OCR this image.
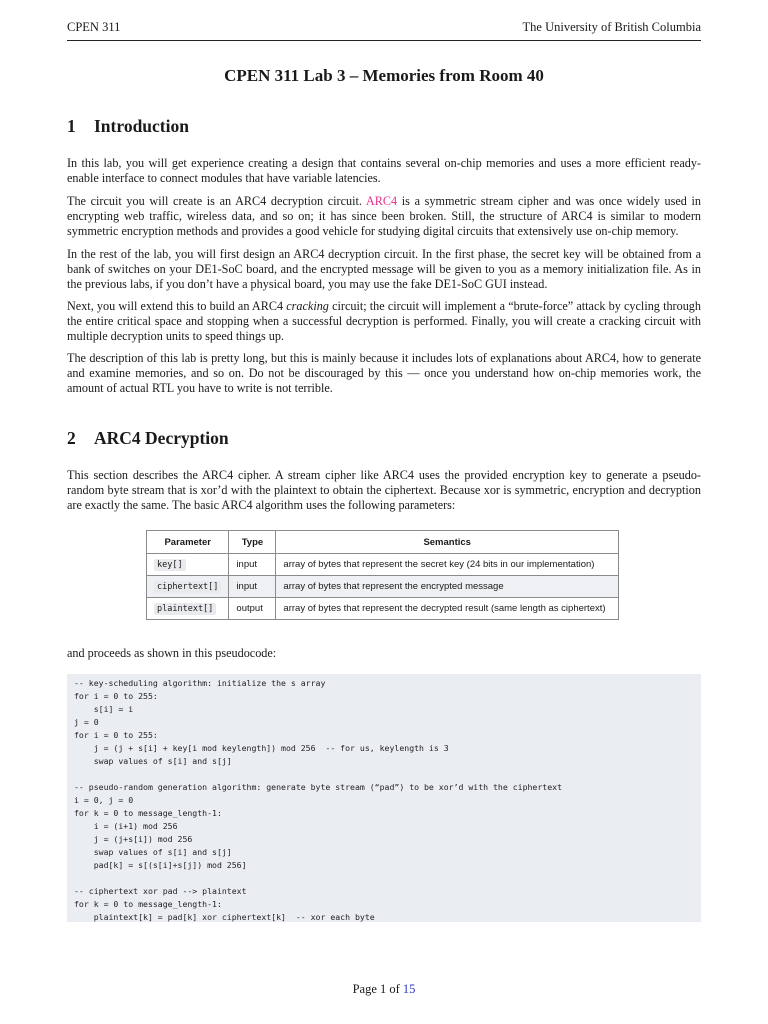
CPEN 311	The University of British Columbia
CPEN 311 Lab 3 – Memories from Room 40
1 Introduction

In this lab, you will get experience creating a design that contains several on-chip memories and uses a more efficient ready-enable interface to connect modules that have variable latencies.

The circuit you will create is an ARC4 decryption circuit. ARC4 is a symmetric stream cipher and was once widely used in encrypting web traffic, wireless data, and so on; it has since been broken. Still, the structure of ARC4 is similar to modern symmetric encryption methods and provides a good vehicle for studying digital circuits that extensively use on-chip memory.

In the rest of the lab, you will first design an ARC4 decryption circuit. In the first phase, the secret key will be obtained from a bank of switches on your DE1-SoC board, and the encrypted message will be given to you as a memory initialization file. As in the previous labs, if you don’t have a physical board, you may use the fake DE1-SoC GUI instead.

Next, you will extend this to build an ARC4 cracking circuit; the circuit will implement a “brute-force” attack by cycling through the entire critical space and stopping when a successful decryption is performed. Finally, you will create a cracking circuit with multiple decryption units to speed things up.

The description of this lab is pretty long, but this is mainly because it includes lots of explanations about ARC4, how to generate and examine memories, and so on. Do not be discouraged by this — once you understand how on-chip memories work, the amount of actual RTL you have to write is not terrible.

2 ARC4 Decryption

This section describes the ARC4 cipher. A stream cipher like ARC4 uses the provided encryption key to generate a pseudo-random byte stream that is xor’d with the plaintext to obtain the ciphertext. Because xor is symmetric, encryption and decryption are exactly the same. The basic ARC4 algorithm uses the following parameters:

Parameter	Type	Semantics
key[]	input	array of bytes that represent the secret key (24 bits in our implementation)
ciphertext[]	input	array of bytes that represent the encrypted message
plaintext[]	output	array of bytes that represent the decrypted result (same length as ciphertext)

and proceeds as shown in this pseudocode:

-- key-scheduling algorithm: initialize the s array
for i = 0 to 255:
s[i] = i
j = 0
for i = 0 to 255:
j = (j + s[i] + key[i mod keylength]) mod 256  -- for us, keylength is 3
swap values of s[i] and s[j]

-- pseudo-random generation algorithm: generate byte stream (“pad”) to be xor’d with the ciphertext
i = 0, j = 0
for k = 0 to message_length-1:
i = (i+1) mod 256
j = (j+s[i]) mod 256
swap values of s[i] and s[j]
pad[k] = s[(s[i]+s[j]) mod 256]

-- ciphertext xor pad --> plaintext
for k = 0 to message_length-1:
plaintext[k] = pad[k] xor ciphertext[k]  -- xor each byte
Page 1 of 15
